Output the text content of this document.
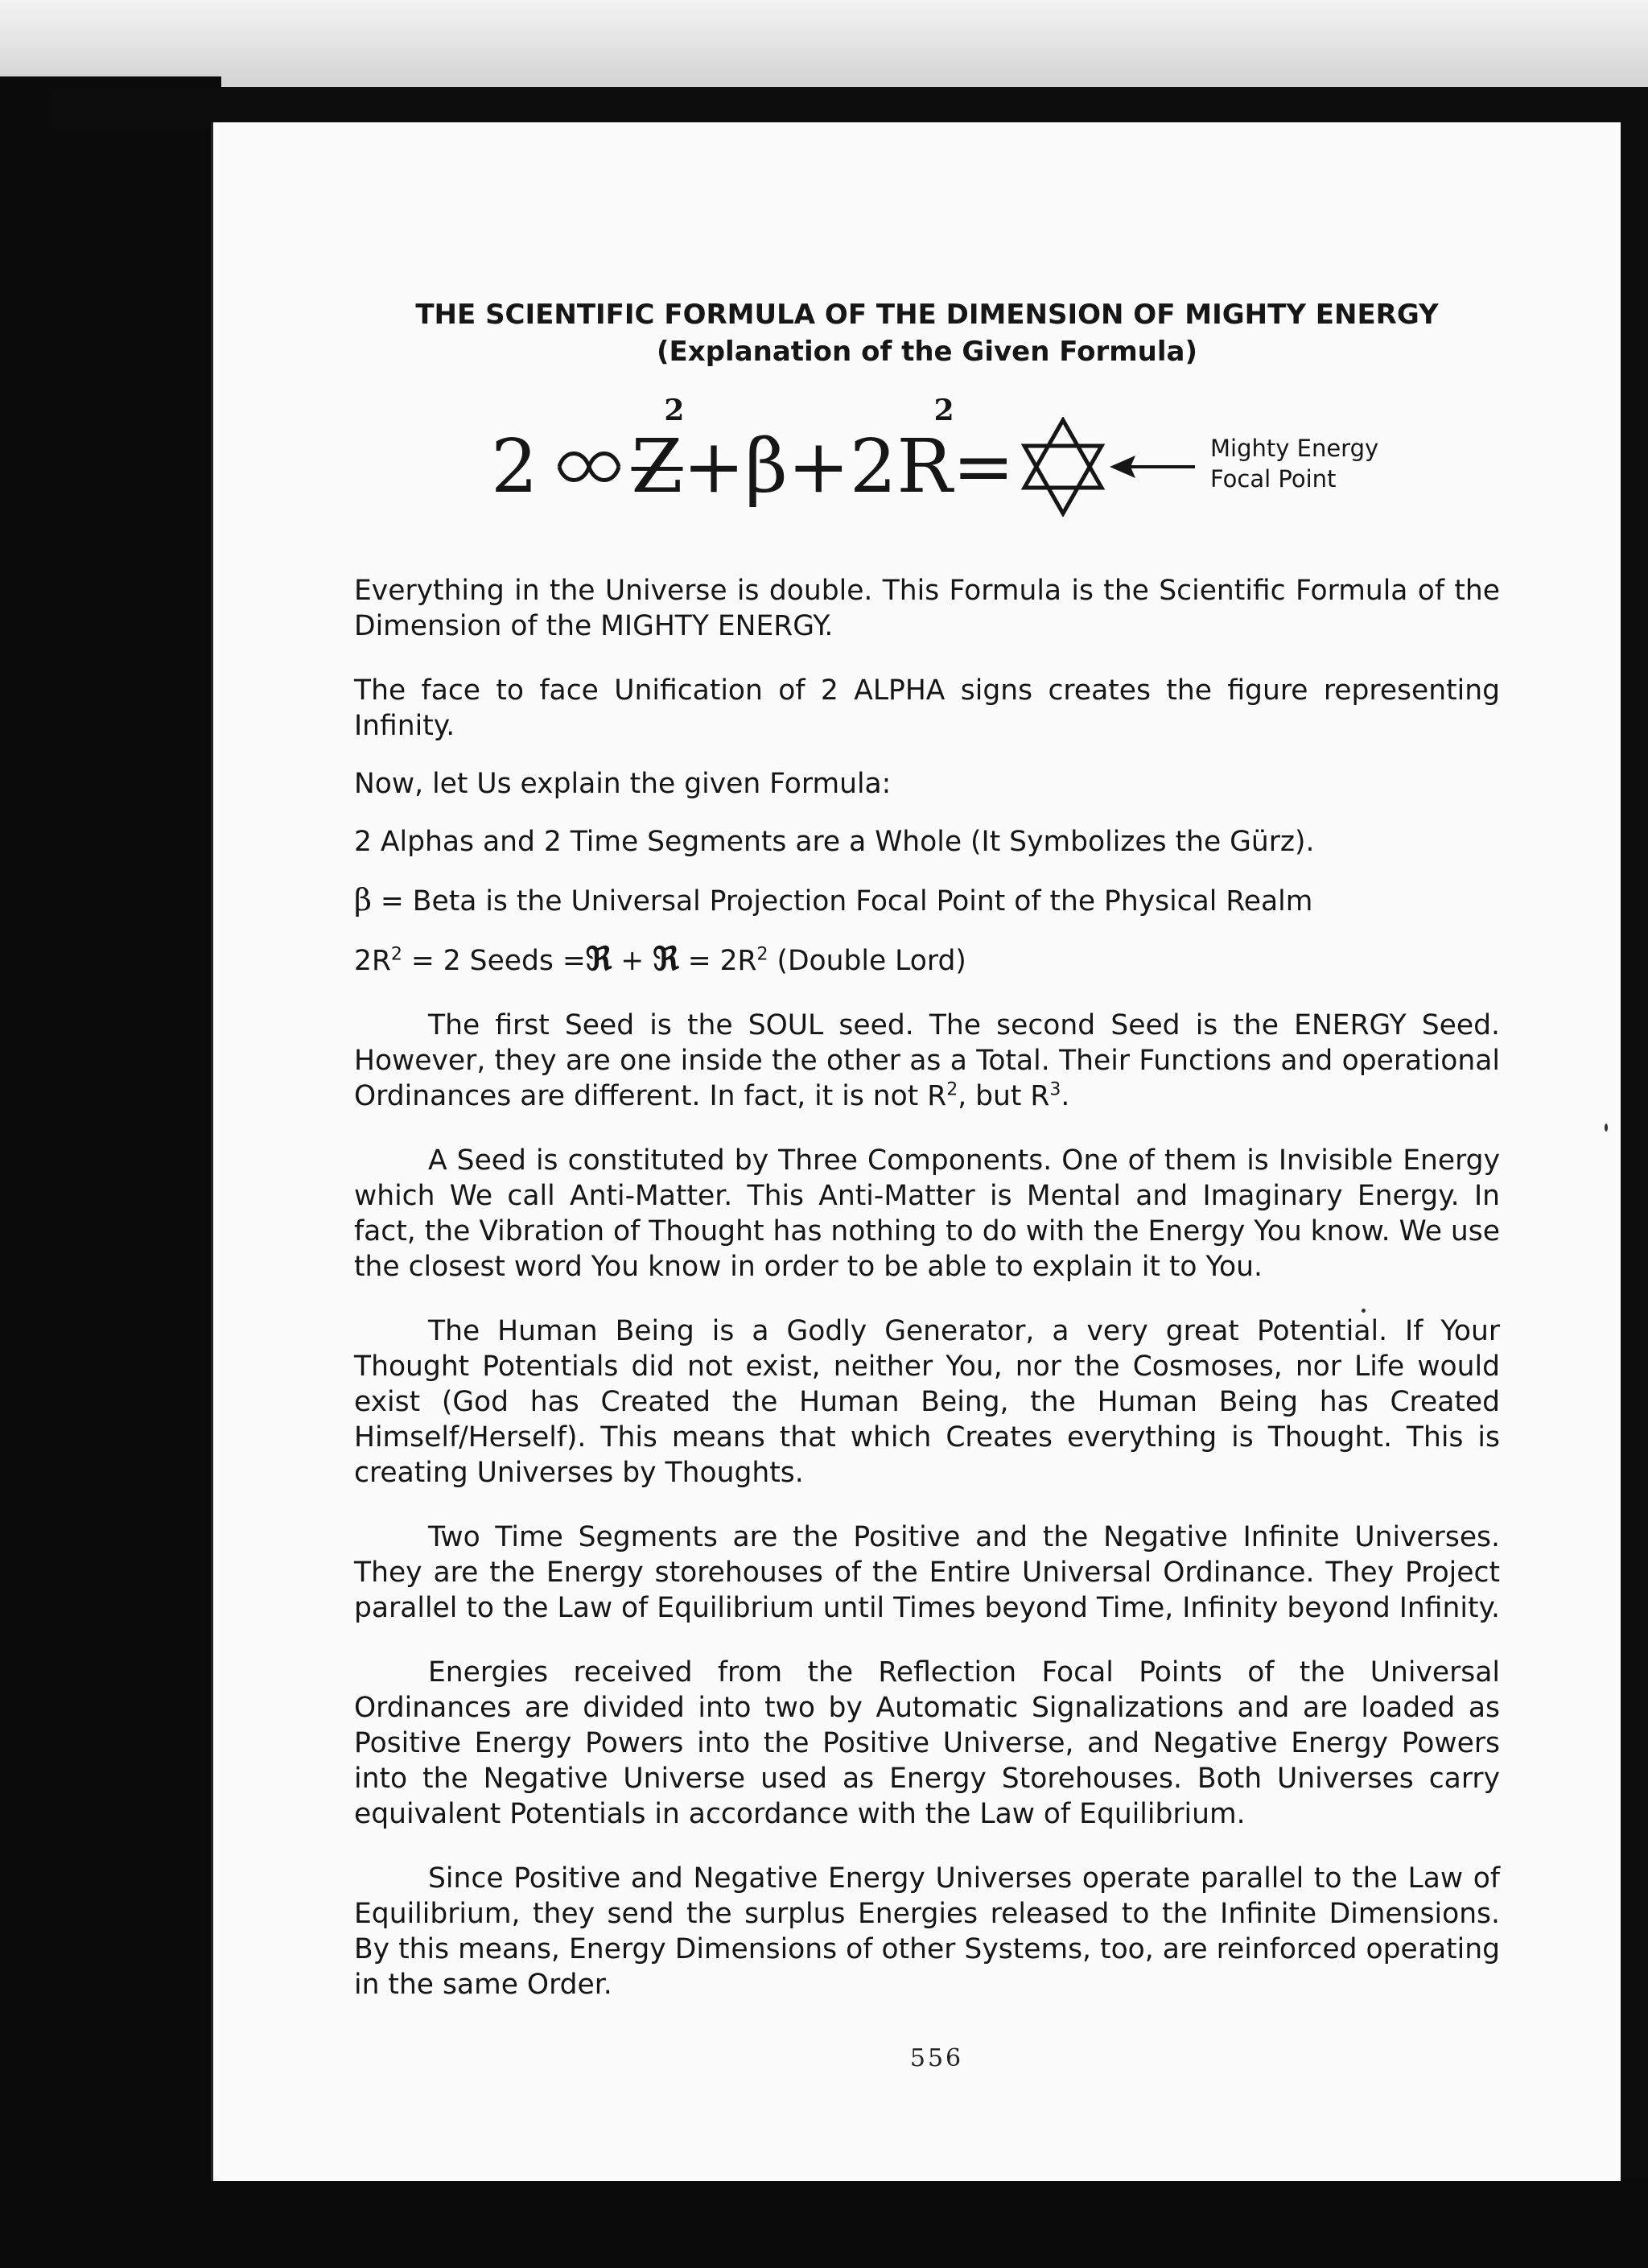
THE SCIENTIFIC FORMULA OF THE DIMENSION OF MIGHTY ENERGY
(Explanation of the Given Formula)

2 Z
2
+ β + 2R
2
=	Mighty Energy
Focal Point

Everything in the Universe is double. This Formula is the Scientific Formula of the Dimension of the MIGHTY ENERGY.

The face to face Unification of 2 ALPHA signs creates the figure representing Infinity.

Now, let Us explain the given Formula:

2 Alphas and 2 Time Segments are a Whole (It Symbolizes the Gürz).

β = Beta is the Universal Projection Focal Point of the Physical Realm

$2R^2 = 2$ Seeds =ℜ + ℜ = $2R^2$ (Double Lord)

The first Seed is the SOUL seed. The second Seed is the ENERGY Seed. However, they are one inside the other as a Total. Their Functions and operational Ordinances are different. In fact, it is not $R^2$, but $R^3$.

A Seed is constituted by Three Components. One of them is Invisible Energy which We call Anti-Matter. This Anti-Matter is Mental and Imaginary Energy. In fact, the Vibration of Thought has nothing to do with the Energy You know. We use the closest word You know in order to be able to explain it to You.

The Human Being is a Godly Generator, a very great Potential. If Your Thought Potentials did not exist, neither You, nor the Cosmoses, nor Life would exist (God has Created the Human Being, the Human Being has Created Himself/Herself). This means that which Creates everything is Thought. This is creating Universes by Thoughts.

Two Time Segments are the Positive and the Negative Infinite Universes. They are the Energy storehouses of the Entire Universal Ordinance. They Project parallel to the Law of Equilibrium until Times beyond Time, Infinity beyond Infinity.

Energies received from the Reflection Focal Points of the Universal Ordinances are divided into two by Automatic Signalizations and are loaded as Positive Energy Powers into the Positive Universe, and Negative Energy Powers into the Negative Universe used as Energy Storehouses. Both Universes carry equivalent Potentials in accordance with the Law of Equilibrium.

Since Positive and Negative Energy Universes operate parallel to the Law of Equilibrium, they send the surplus Energies released to the Infinite Dimensions. By this means, Energy Dimensions of other Systems, too, are reinforced operating in the same Order.

556
